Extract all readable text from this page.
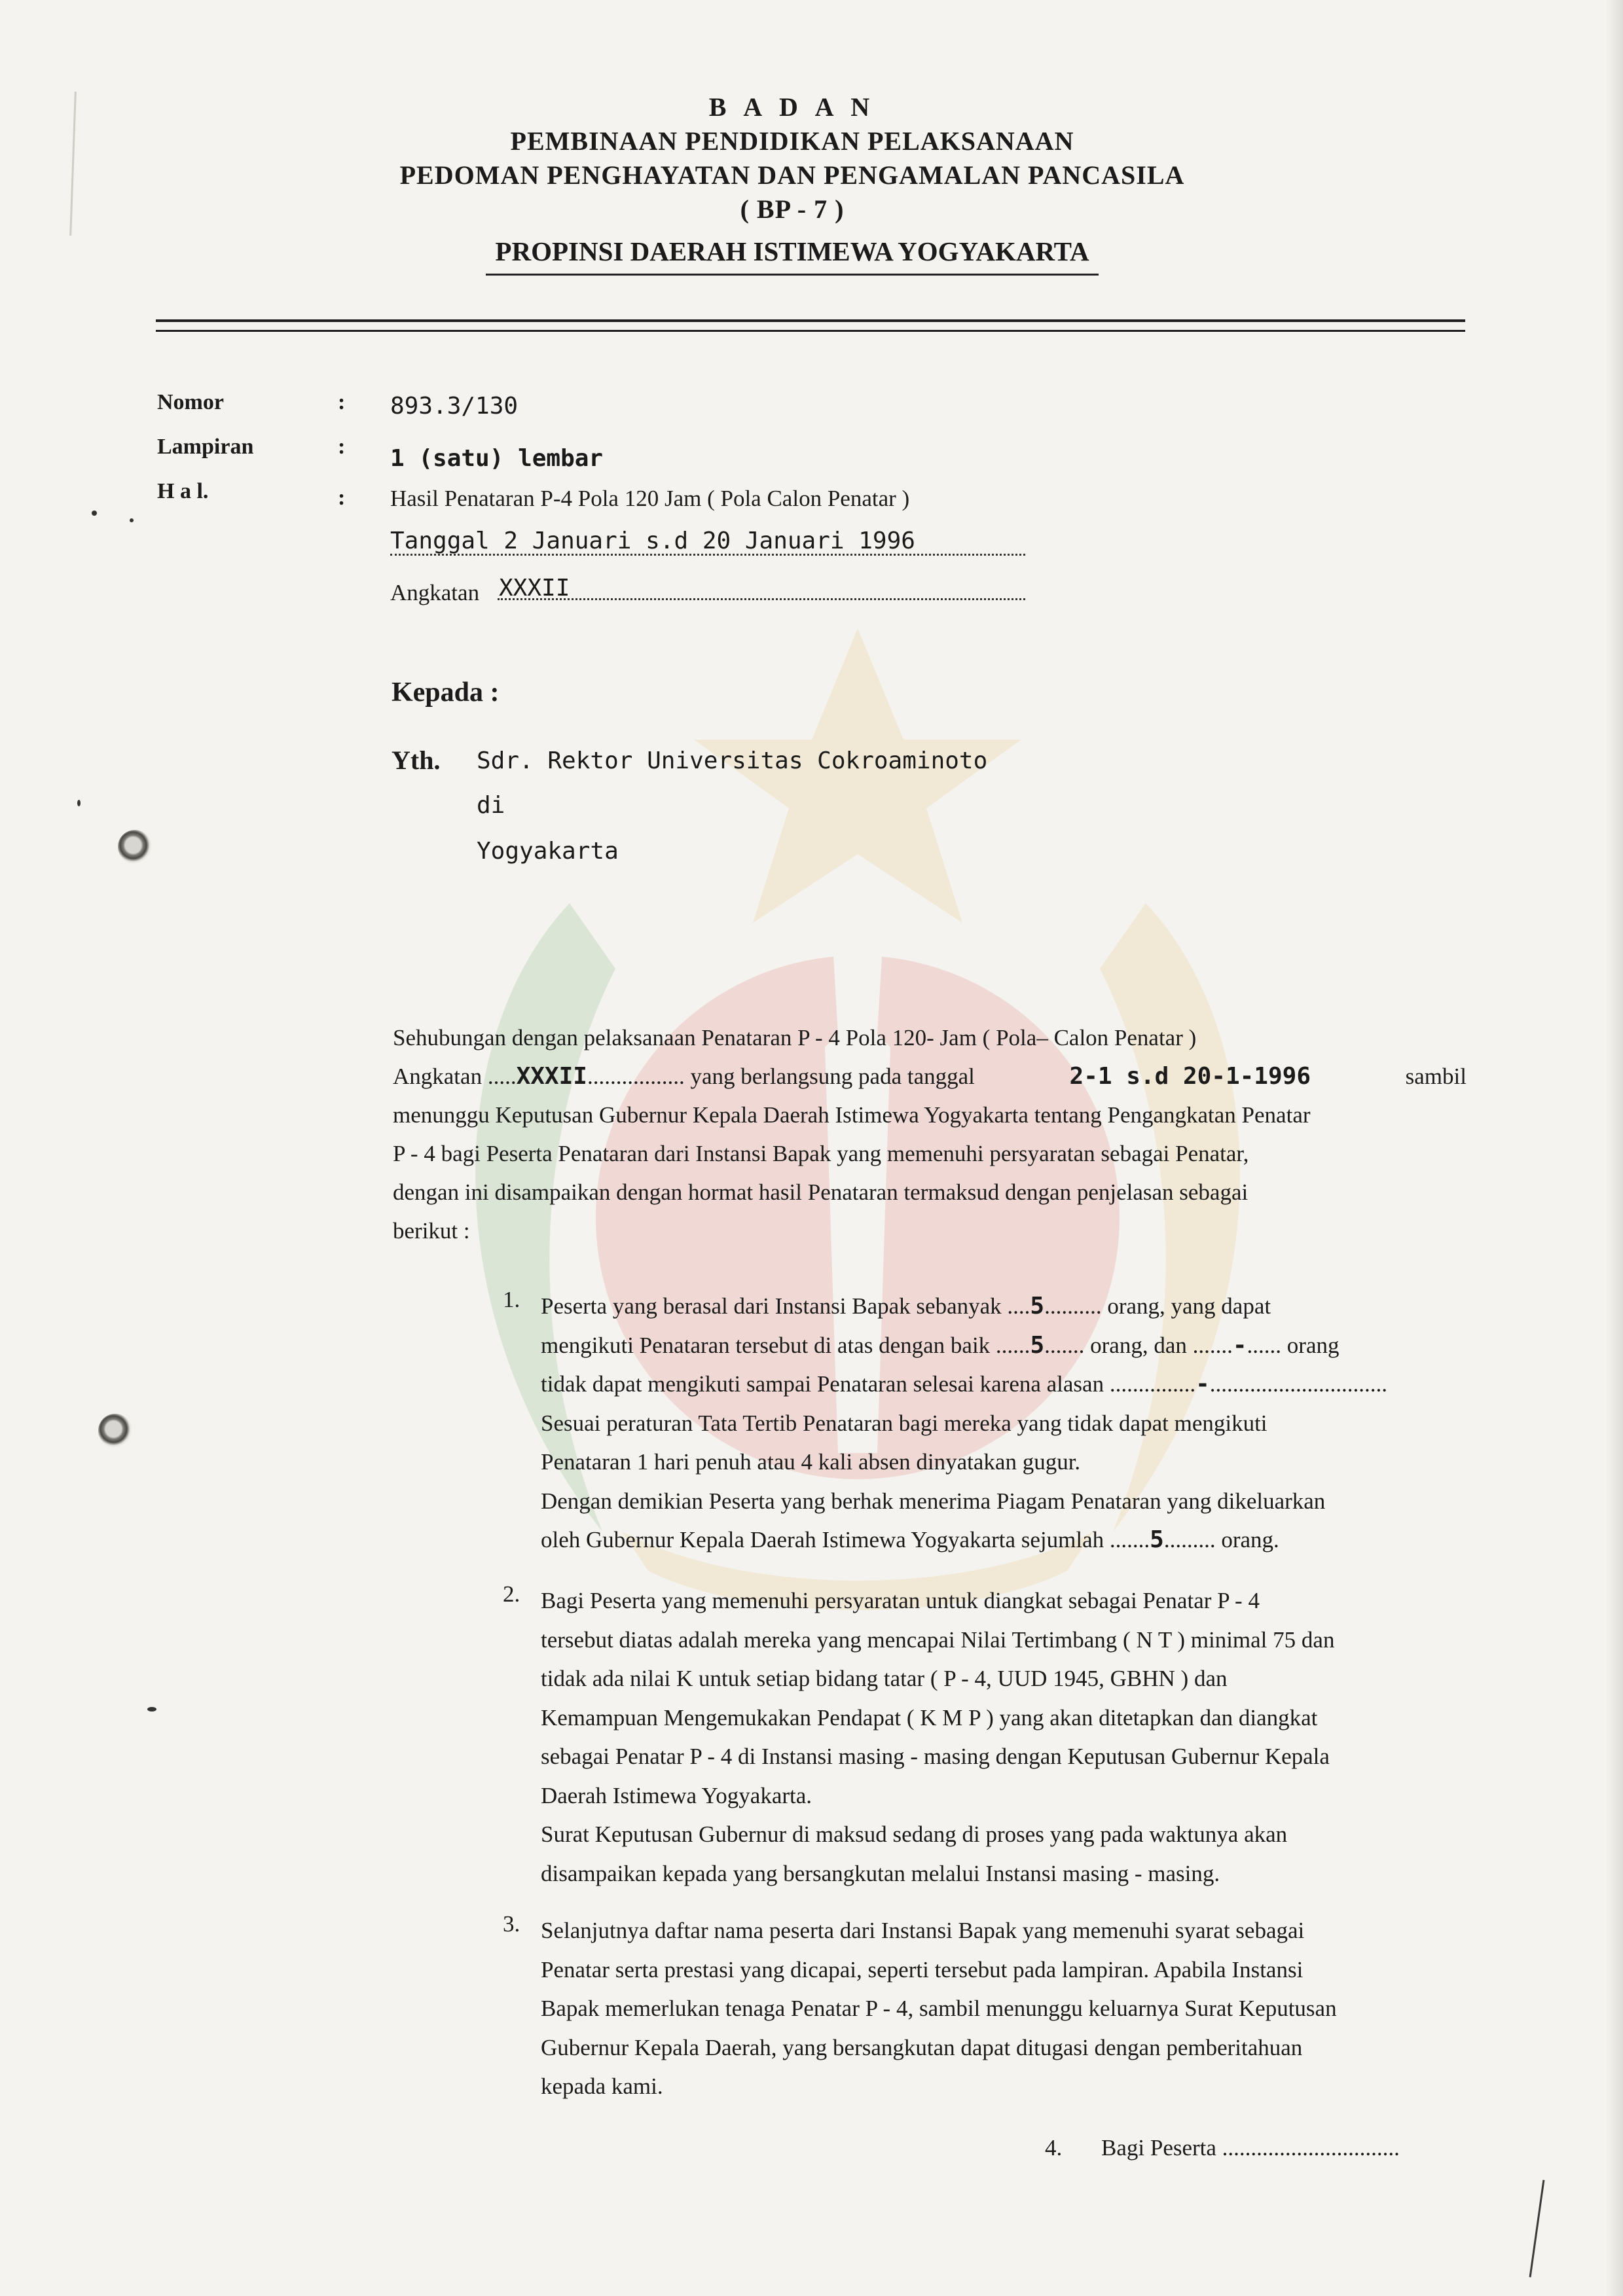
B A D A N
PEMBINAAN PENDIDIKAN PELAKSANAAN
PEDOMAN PENGHAYATAN DAN PENGAMALAN PANCASILA
( BP - 7 )
PROPINSI DAERAH ISTIMEWA YOGYAKARTA
Nomor	: 893.3/130
Lampiran	: 1 (satu) lembar
H a l.	: Hasil Penataran P-4 Pola 120 Jam ( Pola Calon Penatar )
Tanggal 2 Januari s.d 20 Januari 1996
Angkatan XXXII
Kepada :
Yth. Sdr. Rektor Universitas Cokroaminoto
di
Yogyakarta
Sehubungan dengan pelaksanaan Penataran P - 4 Pola 120- Jam ( Pola– Calon Penatar )
Angkatan .....XXXII................. yang berlangsung pada tanggal	2-1 s.d 20-1-1996	sambil
menunggu Keputusan Gubernur Kepala Daerah Istimewa Yogyakarta tentang Pengangkatan Penatar
P - 4 bagi Peserta Penataran dari Instansi Bapak yang memenuhi persyaratan sebagai Penatar,
dengan ini disampaikan dengan hormat hasil Penataran termaksud dengan penjelasan sebagai
berikut :
1. Peserta yang berasal dari Instansi Bapak sebanyak ....5.......... orang, yang dapat
mengikuti Penataran tersebut di atas dengan baik ......5....... orang, dan .......-...... orang
tidak dapat mengikuti sampai Penataran selesai karena alasan ...............-...............................
Sesuai peraturan Tata Tertib Penataran bagi mereka yang tidak dapat mengikuti
Penataran 1 hari penuh atau 4 kali absen dinyatakan gugur.
Dengan demikian Peserta yang berhak menerima Piagam Penataran yang dikeluarkan
oleh Gubernur Kepala Daerah Istimewa Yogyakarta sejumlah .......5......... orang.
2. Bagi Peserta yang memenuhi persyaratan untuk diangkat sebagai Penatar P - 4
tersebut diatas adalah mereka yang mencapai Nilai Tertimbang ( N T ) minimal 75 dan
tidak ada nilai K untuk setiap bidang tatar ( P - 4, UUD 1945, GBHN ) dan
Kemampuan Mengemukakan Pendapat ( K M P ) yang akan ditetapkan dan diangkat
sebagai Penatar P - 4 di Instansi masing - masing dengan Keputusan Gubernur Kepala
Daerah Istimewa Yogyakarta.
Surat Keputusan Gubernur di maksud sedang di proses yang pada waktunya akan
disampaikan kepada yang bersangkutan melalui Instansi masing - masing.
3. Selanjutnya daftar nama peserta dari Instansi Bapak yang memenuhi syarat sebagai
Penatar serta prestasi yang dicapai, seperti tersebut pada lampiran. Apabila Instansi
Bapak memerlukan tenaga Penatar P - 4, sambil menunggu keluarnya Surat Keputusan
Gubernur Kepala Daerah, yang bersangkutan dapat ditugasi dengan pemberitahuan
kepada kami.
4. Bagi Peserta ...............................
